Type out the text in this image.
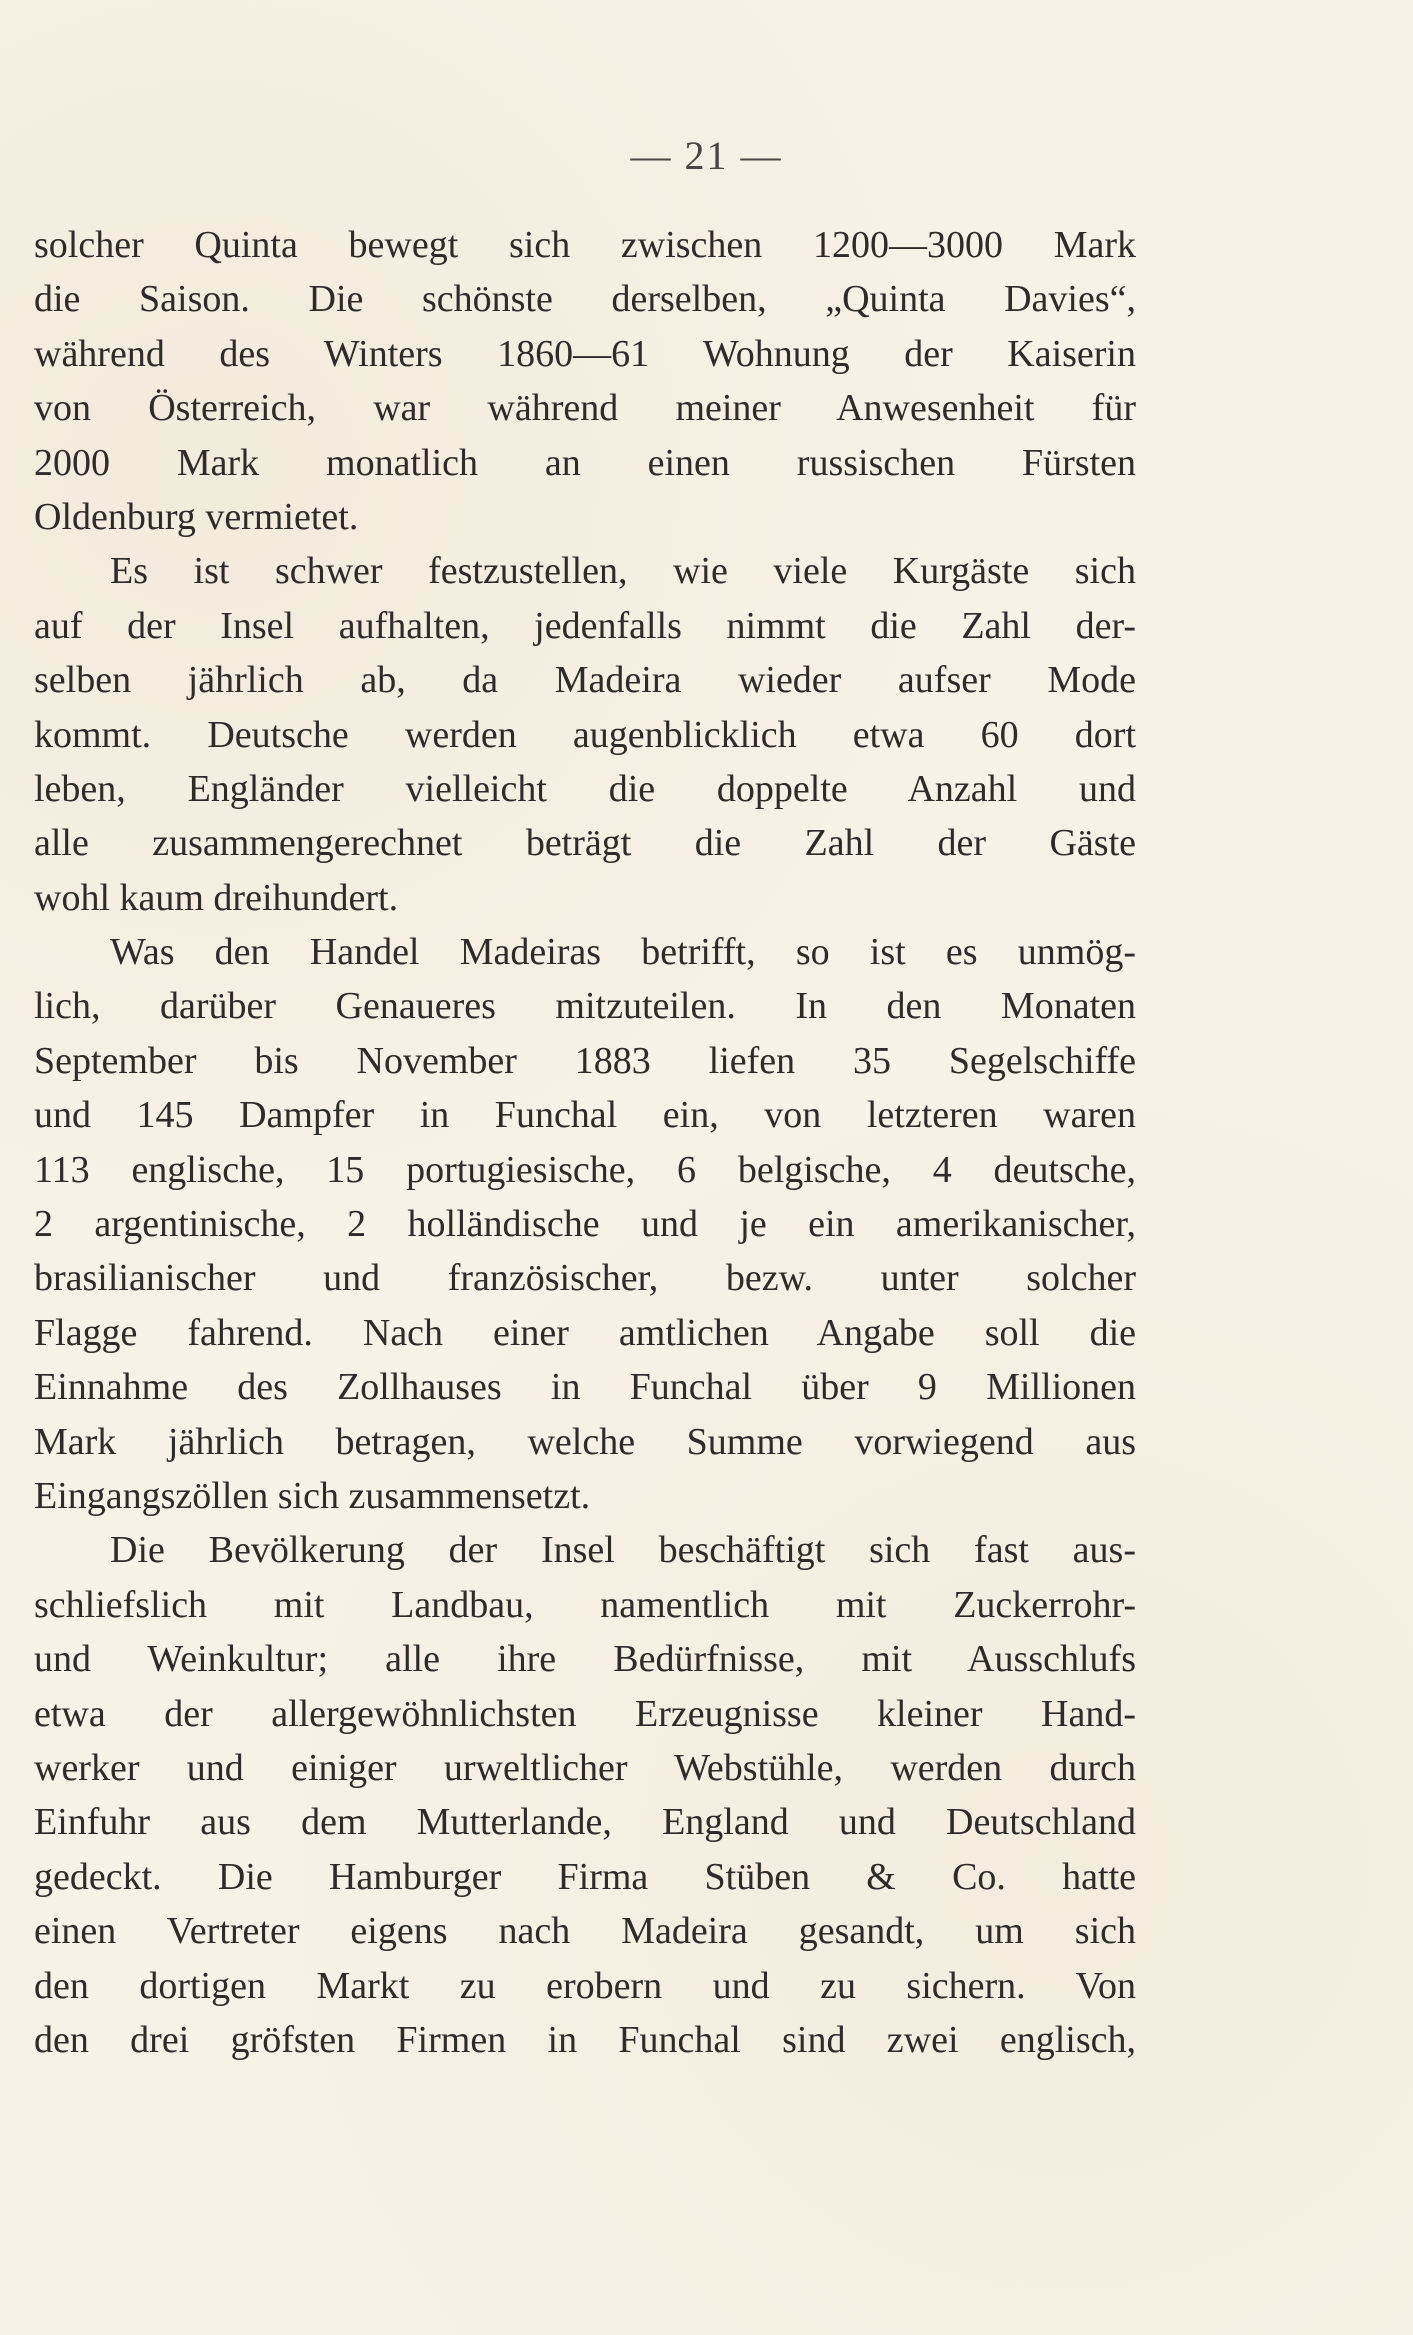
— 21 —
solcher Quinta bewegt sich zwischen 1200—3000 Mark
die Saison. Die schönste derselben, „Quinta Davies“,
während des Winters 1860—61 Wohnung der Kaiserin
von Österreich, war während meiner Anwesenheit für
2000 Mark monatlich an einen russischen Fürsten
Oldenburg vermietet.
Es ist schwer festzustellen, wie viele Kurgäste sich
auf der Insel aufhalten, jedenfalls nimmt die Zahl der-
selben jährlich ab, da Madeira wieder aufser Mode
kommt. Deutsche werden augenblicklich etwa 60 dort
leben, Engländer vielleicht die doppelte Anzahl und
alle zusammengerechnet beträgt die Zahl der Gäste
wohl kaum dreihundert.
Was den Handel Madeiras betrifft, so ist es unmög-
lich, darüber Genaueres mitzuteilen. In den Monaten
September bis November 1883 liefen 35 Segelschiffe
und 145 Dampfer in Funchal ein, von letzteren waren
113 englische, 15 portugiesische, 6 belgische, 4 deutsche,
2 argentinische, 2 holländische und je ein amerikanischer,
brasilianischer und französischer, bezw. unter solcher
Flagge fahrend. Nach einer amtlichen Angabe soll die
Einnahme des Zollhauses in Funchal über 9 Millionen
Mark jährlich betragen, welche Summe vorwiegend aus
Eingangszöllen sich zusammensetzt.
Die Bevölkerung der Insel beschäftigt sich fast aus-
schliefslich mit Landbau, namentlich mit Zuckerrohr-
und Weinkultur; alle ihre Bedürfnisse, mit Ausschlufs
etwa der allergewöhnlichsten Erzeugnisse kleiner Hand-
werker und einiger urweltlicher Webstühle, werden durch
Einfuhr aus dem Mutterlande, England und Deutschland
gedeckt. Die Hamburger Firma Stüben & Co. hatte
einen Vertreter eigens nach Madeira gesandt, um sich
den dortigen Markt zu erobern und zu sichern. Von
den drei gröfsten Firmen in Funchal sind zwei englisch,
